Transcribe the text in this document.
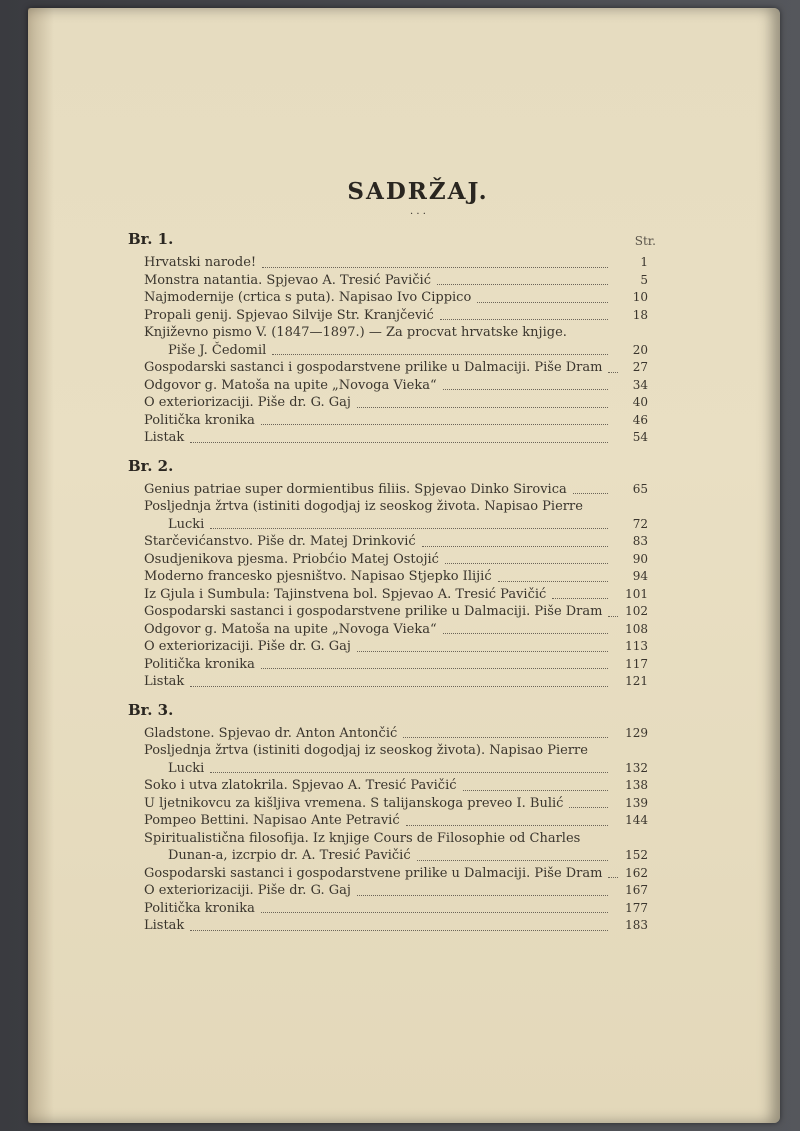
SADRŽAJ.
· · ·
Br. 1.	Str.
Hrvatski narode!	1
Monstra natantia. Spjevao A. Tresić Pavičić	5
Najmodernije (crtica s puta). Napisao Ivo Cippico	10
Propali genij. Spjevao Silvije Str. Kranjčević	18
Književno pismo V. (1847—1897.) — Za procvat hrvatske knjige.
Piše J. Čedomil	20
Gospodarski sastanci i gospodarstvene prilike u Dalmaciji. Piše Dram	27
Odgovor g. Matoša na upite „Novoga Vieka“	34
O exteriorizaciji. Piše dr. G. Gaj	40
Politička kronika	46
Listak	54
Br. 2.
Genius patriae super dormientibus filiis. Spjevao Dinko Sirovica	65
Posljednja žrtva (istiniti dogodjaj iz seoskog života. Napisao Pierre
Lucki	72
Starčevićanstvo. Piše dr. Matej Drinković	83
Osudjenikova pjesma. Priobćio Matej Ostojić	90
Moderno francesko pjesništvo. Napisao Stjepko Ilijić	94
Iz Gjula i Sumbula: Tajinstvena bol. Spjevao A. Tresić Pavičić	101
Gospodarski sastanci i gospodarstvene prilike u Dalmaciji. Piše Dram 102
Odgovor g. Matoša na upite „Novoga Vieka“	108
O exteriorizaciji. Piše dr. G. Gaj	113
Politička kronika	117
Listak	121
Br. 3.
Gladstone. Spjevao dr. Anton Antončić	129
Posljednja žrtva (istiniti dogodjaj iz seoskog života). Napisao Pierre
Lucki	132
Soko i utva zlatokrila. Spjevao A. Tresić Pavičić	138
U ljetnikovcu za kišljiva vremena. S talijanskoga preveo I. Bulić	139
Pompeo Bettini. Napisao Ante Petravić	144
Spiritualistična filosofija. Iz knjige Cours de Filosophie od Charles
Dunan-a, izcrpio dr. A. Tresić Pavičić	152
Gospodarski sastanci i gospodarstvene prilike u Dalmaciji. Piše Dram 162
O exteriorizaciji. Piše dr. G. Gaj	167
Politička kronika	177
Listak	183
